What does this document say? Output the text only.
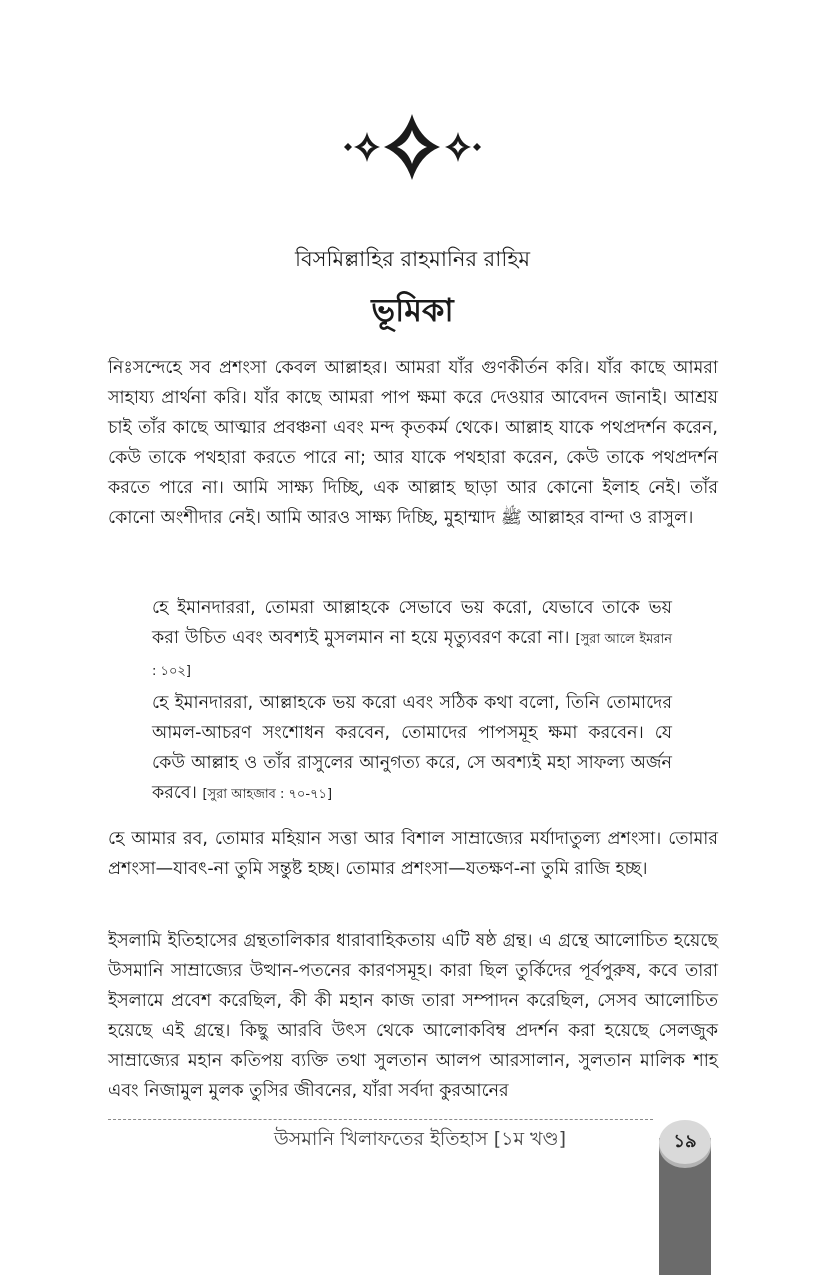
বিসমিল্লাহির রাহমানির রাহিম
ভূমিকা

নিঃসন্দেহে সব প্রশংসা কেবল আল্লাহর। আমরা যাঁর গুণকীর্তন করি। যাঁর কাছে আমরা সাহায্য প্রার্থনা করি। যাঁর কাছে আমরা পাপ ক্ষমা করে দেওয়ার আবেদন জানাই। আশ্রয় চাই তাঁর কাছে আত্মার প্রবঞ্চনা এবং মন্দ কৃতকর্ম থেকে। আল্লাহ যাকে পথপ্রদর্শন করেন, কেউ তাকে পথহারা করতে পারে না; আর যাকে পথহারা করেন, কেউ তাকে পথপ্রদর্শন করতে পারে না। আমি সাক্ষ্য দিচ্ছি, এক আল্লাহ ছাড়া আর কোনো ইলাহ নেই। তাঁর কোনো অংশীদার নেই। আমি আরও সাক্ষ্য দিচ্ছি, মুহাম্মাদ ﷺ আল্লাহর বান্দা ও রাসুল।

হে ইমানদাররা, তোমরা আল্লাহকে সেভাবে ভয় করো, যেভাবে তাকে ভয় করা উচিত এবং অবশ্যই মুসলমান না হয়ে মৃত্যুবরণ করো না। [সুরা আলে ইমরান : ১০২]

হে ইমানদাররা, আল্লাহকে ভয় করো এবং সঠিক কথা বলো, তিনি তোমাদের আমল-আচরণ সংশোধন করবেন, তোমাদের পাপসমূহ ক্ষমা করবেন। যে কেউ আল্লাহ ও তাঁর রাসুলের আনুগত্য করে, সে অবশ্যই মহা সাফল্য অর্জন করবে। [সুরা আহজাব : ৭০-৭১]

হে আমার রব, তোমার মহিয়ান সত্তা আর বিশাল সাম্রাজ্যের মর্যাদাতুল্য প্রশংসা। তোমার প্রশংসা—যাবৎ-না তুমি সন্তুষ্ট হচ্ছ। তোমার প্রশংসা—যতক্ষণ-না তুমি রাজি হচ্ছ।

ইসলামি ইতিহাসের গ্রন্থতালিকার ধারাবাহিকতায় এটি ষষ্ঠ গ্রন্থ। এ গ্রন্থে আলোচিত হয়েছে উসমানি সাম্রাজ্যের উত্থান-পতনের কারণসমূহ। কারা ছিল তুর্কিদের পূর্বপুরুষ, কবে তারা ইসলামে প্রবেশ করেছিল, কী কী মহান কাজ তারা সম্পাদন করেছিল, সেসব আলোচিত হয়েছে এই গ্রন্থে। কিছু আরবি উৎস থেকে আলোকবিম্ব প্রদর্শন করা হয়েছে সেলজুক সাম্রাজ্যের মহান কতিপয় ব্যক্তি তথা সুলতান আলপ আরসালান, সুলতান মালিক শাহ এবং নিজামুল মুলক তুসির জীবনের, যাঁরা সর্বদা কুরআনের

উসমানি খিলাফতের ইতিহাস [১ম খণ্ড]	১৯
